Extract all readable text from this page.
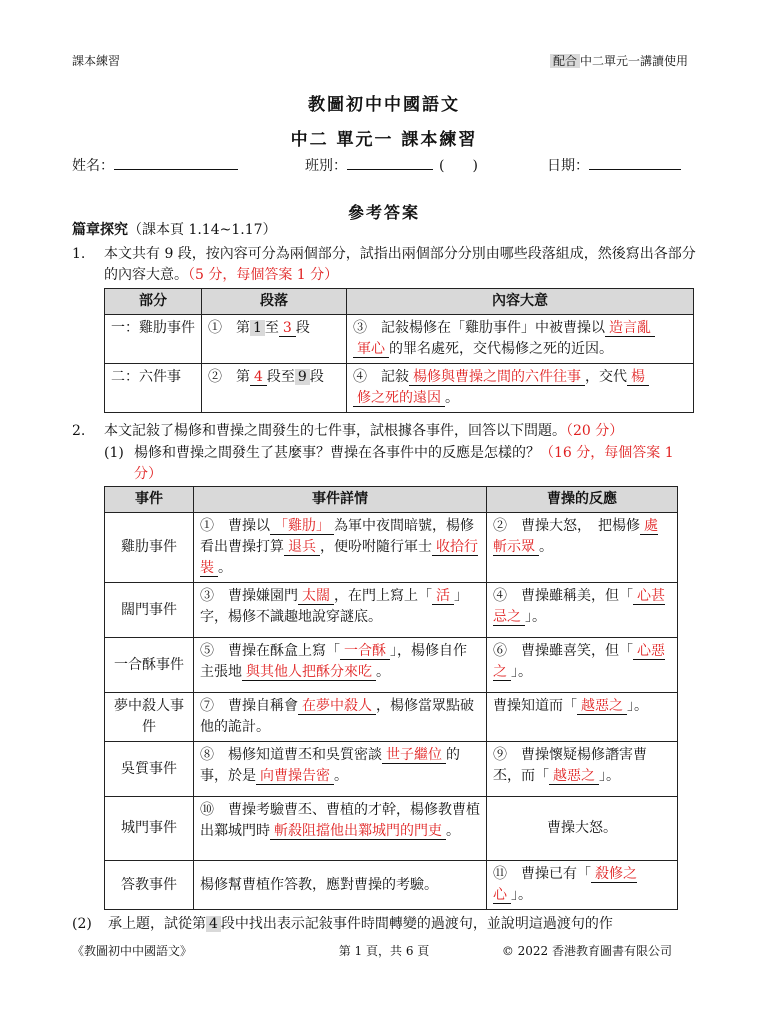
課本練習	配合 中二單元一講讀使用
教圖初中中國語文
中二 單元一 課本練習
姓名：	班別：	(　　)	日期：
參考答案
篇章探究（課本頁 1.14~1.17）
1. 本文共有 9 段，按內容可分為兩個部分，試指出兩個部分分別由哪些段落組成，然後寫出各部分的內容大意。（5 分，每個答案 1 分）
部分	段落	內容大意
一：雞肋事件	①　 第 1 至 3 段	③　 記敍楊修在「雞肋事件」中被曹操以 造言亂
軍心 的罪名處死，交代楊修之死的近因。
二：六件事	②　 第 4 段至 9 段	④　 記敍 楊修與曹操之間的六件往事 ，交代 楊
修之死的遠因 。
2. 本文記敍了楊修和曹操之間發生的七件事，試根據各事件，回答以下問題。（20 分）
(1) 楊修和曹操之間發生了甚麼事？曹操在各事件中的反應是怎樣的？（16 分，每個答案 1 分）
事件	事件詳情	曹操的反應
雞肋事件	①　曹操以 「雞肋」 為軍中夜間暗號，楊修看出曹操打算 退兵 ，便吩咐隨行軍士 收拾行裝 。	②　曹操大怒，　把楊修 處斬示眾 。
闊門事件	③　曹操嫌園門 太闊 ，在門上寫上「 活 」字，楊修不識趣地說穿謎底。	④　曹操雖稱美，但「 心甚忌之 」。
一合酥事件	⑤　曹操在酥盒上寫「 一合酥 」，楊修自作主張地 與其他人把酥分來吃 。	⑥　曹操雖喜笑，但「 心惡之 」。
夢中殺人事件	⑦　曹操自稱會 在夢中殺人 ，楊修當眾點破他的詭計。	曹操知道而「 越惡之 」。
吳質事件	⑧　楊修知道曹丕和吳質密談 世子繼位 的事，於是 向曹操告密 。	⑨　曹操懷疑楊修譖害曹丕，而「 越惡之 」。
城門事件	⑩　曹操考驗曹丕、曹植的才幹，楊修教曹植出鄴城門時 斬殺阻擋他出鄴城門的門吏 。	曹操大怒。
答教事件	楊修幫曹植作答教，應對曹操的考驗。	⑪　曹操已有「 殺修之心 」。
(2) 承上題，試從第 4 段中找出表示記敍事件時間轉變的過渡句，並說明這過渡句的作
《教圖初中中國語文》	第 1 頁，共 6 頁	© 2022 香港教育圖書有限公司
